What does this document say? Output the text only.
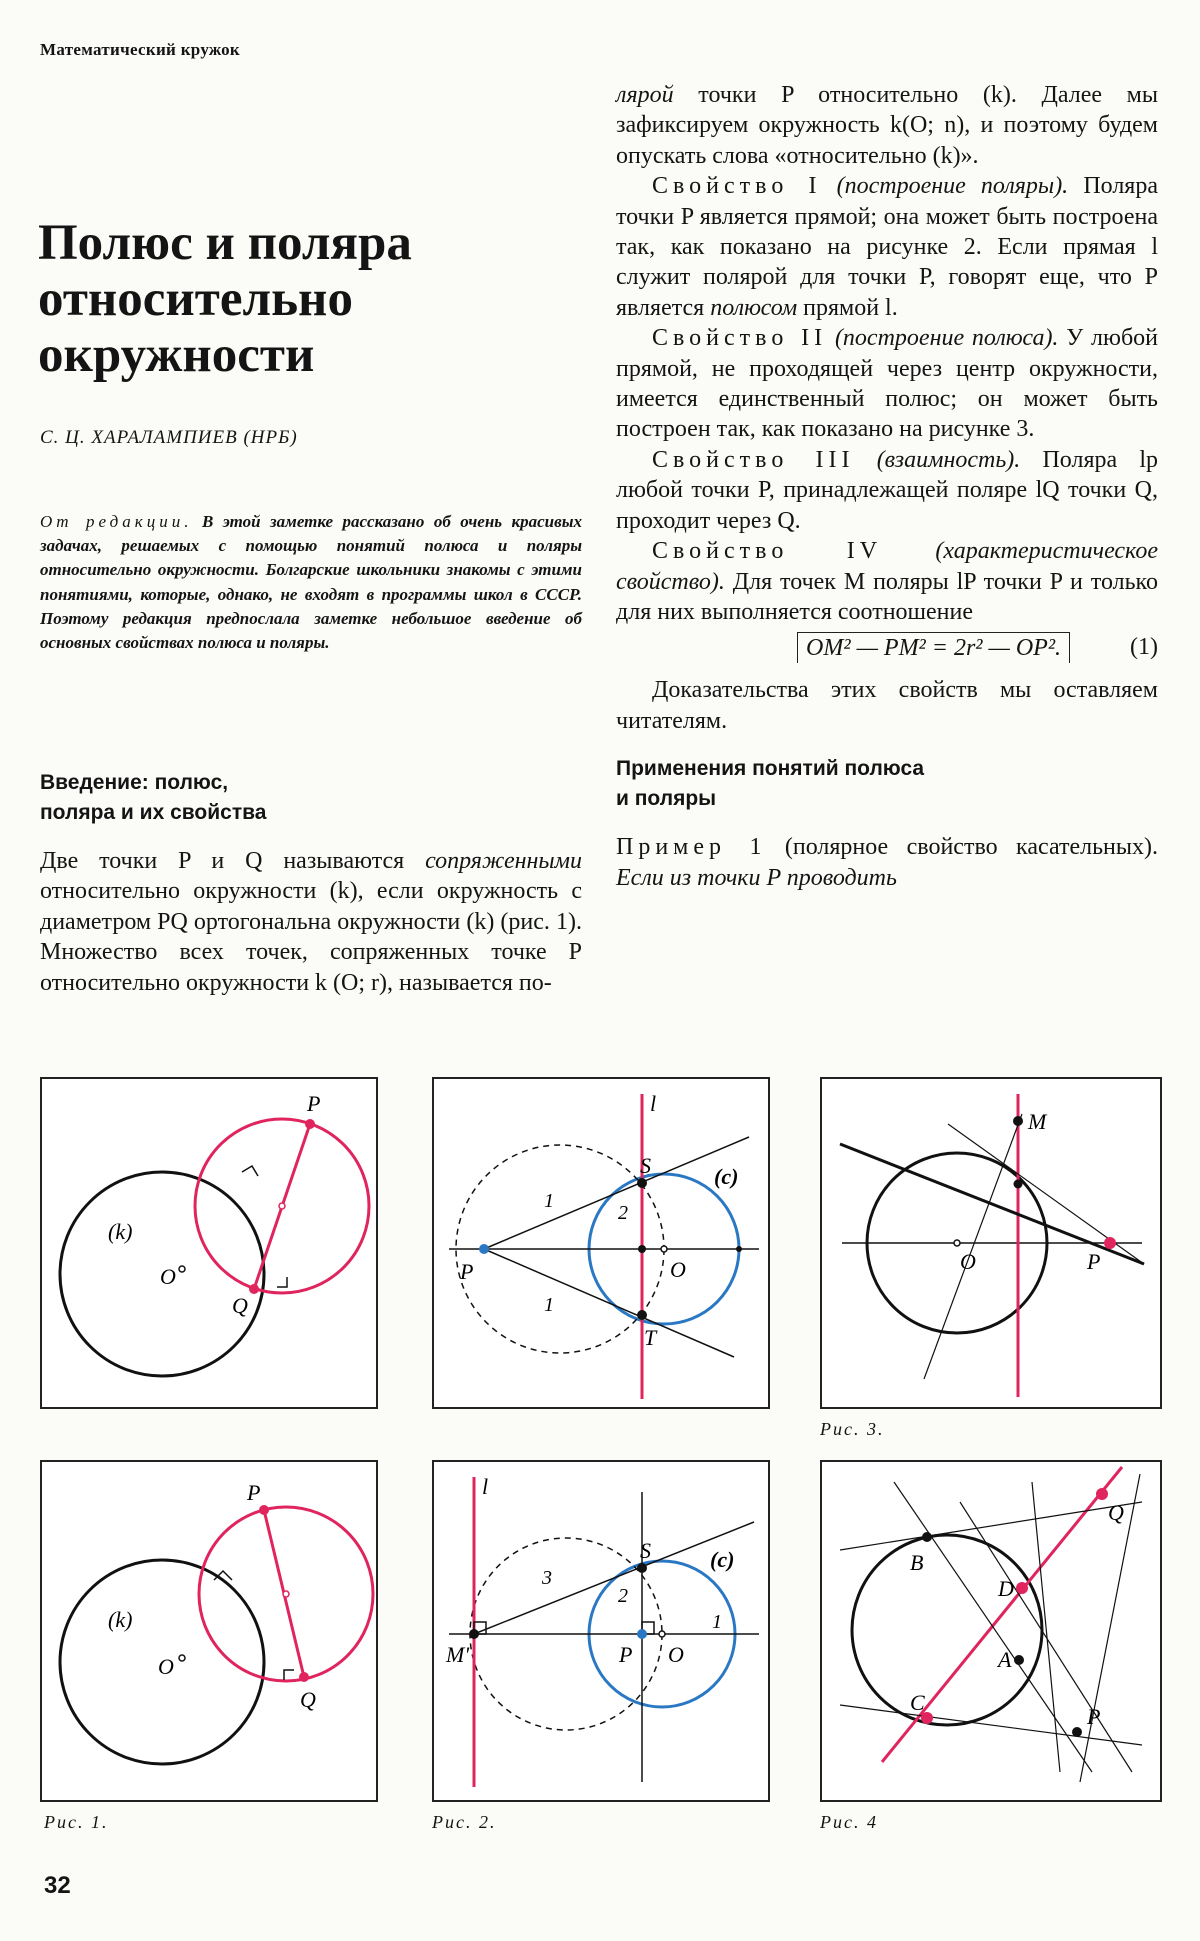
Математический кружок
Полюс и поляра
относительно
окружности
С. Ц. ХАРАЛАМПИЕВ (НРБ)
От редакции. В этой заметке рассказано об очень красивых задачах, решаемых с помощью понятий полюса и поляры относительно окружности. Болгарские школьники знакомы с этими понятиями, которые, однако, не входят в программы школ в СССР. Поэтому редакция предпослала заметке небольшое введение об основных свойствах полюса и поляры.
Введение: полюс,
поляра и их свойства

Две точки P и Q называются сопряженными относительно окружности (k), если окружность с диаметром PQ ортогональна окружности (k) (рис. 1). Множество всех точек, сопряженных точке P относительно окружности k (O; r), называется по-

лярой точки P относительно (k). Далее мы зафиксируем окружность k(O; n), и поэтому будем опускать слова «относительно (k)».

Свойство I (построение поляры). Поляра точки P является прямой; она может быть построена так, как показано на рисунке 2. Если прямая l служит полярой для точки P, говорят еще, что P является полюсом прямой l.

Свойство II (построение полюса). У любой прямой, не проходящей через центр окружности, имеется единственный полюс; он может быть построен так, как показано на рисунке 3.

Свойство III (взаимность). Поляра lp любой точки P, принадлежащей поляре lQ точки Q, проходит через Q.

Свойство IV (характеристическое свойство). Для точек M поляры lP точки P и только для них выполняется соотношение

OM² — PM² = 2r² — OP².	(1)

Доказательства этих свойств мы оставляем читателям.

Применения понятий полюса
и поляры

Пример 1 (полярное свойство касательных). Если из точки P проводить

P
(k)
O
Q
l
S	(c)
1
2
P	O
1
T
M
O	P
Рис. 3.
P
(k)
O
Q
Рис. 1.
l
S	(c)
3
2
1
M'	P O
Рис. 2.
B
Q
D
A
C
P
Рис. 4
32
